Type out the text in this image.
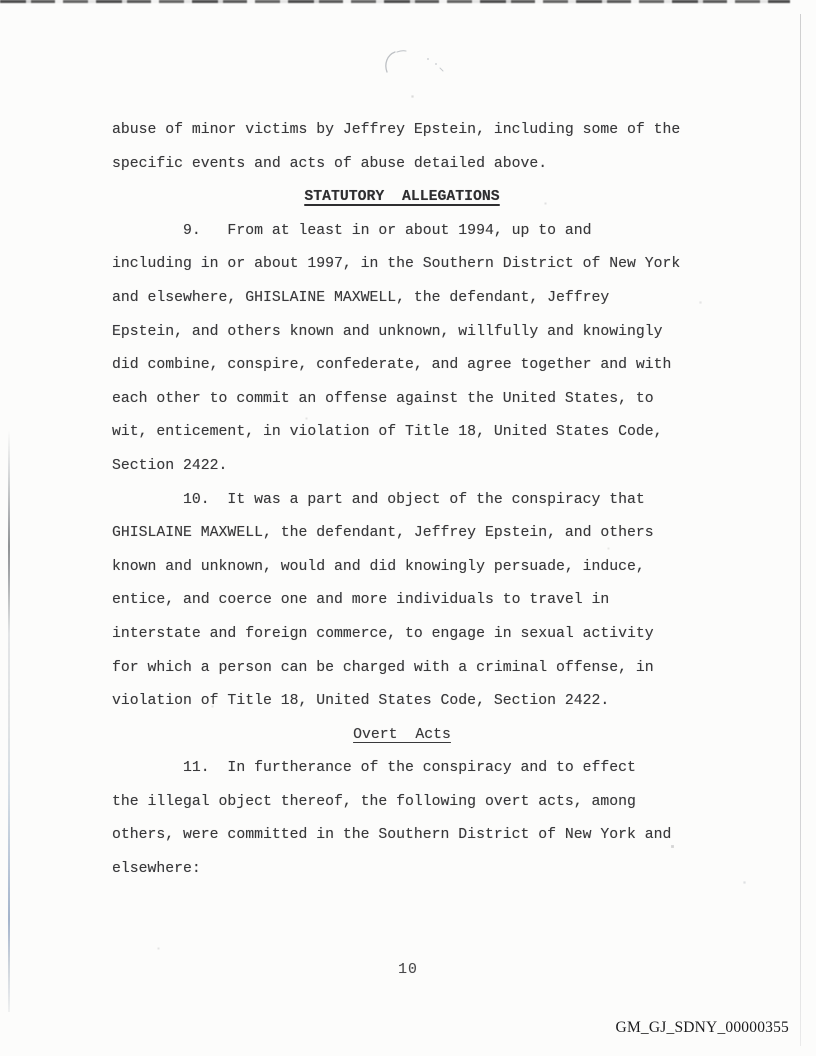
abuse of minor victims by Jeffrey Epstein, including some of the
specific events and acts of abuse detailed above.
STATUTORY  ALLEGATIONS
9.   From at least in or about 1994, up to and
including in or about 1997, in the Southern District of New York
and elsewhere, GHISLAINE MAXWELL, the defendant, Jeffrey
Epstein, and others known and unknown, willfully and knowingly
did combine, conspire, confederate, and agree together and with
each other to commit an offense against the United States, to
wit, enticement, in violation of Title 18, United States Code,
Section 2422.
10.  It was a part and object of the conspiracy that
GHISLAINE MAXWELL, the defendant, Jeffrey Epstein, and others
known and unknown, would and did knowingly persuade, induce,
entice, and coerce one and more individuals to travel in
interstate and foreign commerce, to engage in sexual activity
for which a person can be charged with a criminal offense, in
violation of Title 18, United States Code, Section 2422.
Overt  Acts
11.  In furtherance of the conspiracy and to effect
the illegal object thereof, the following overt acts, among
others, were committed in the Southern District of New York and
elsewhere:
10
GM_GJ_SDNY_00000355
